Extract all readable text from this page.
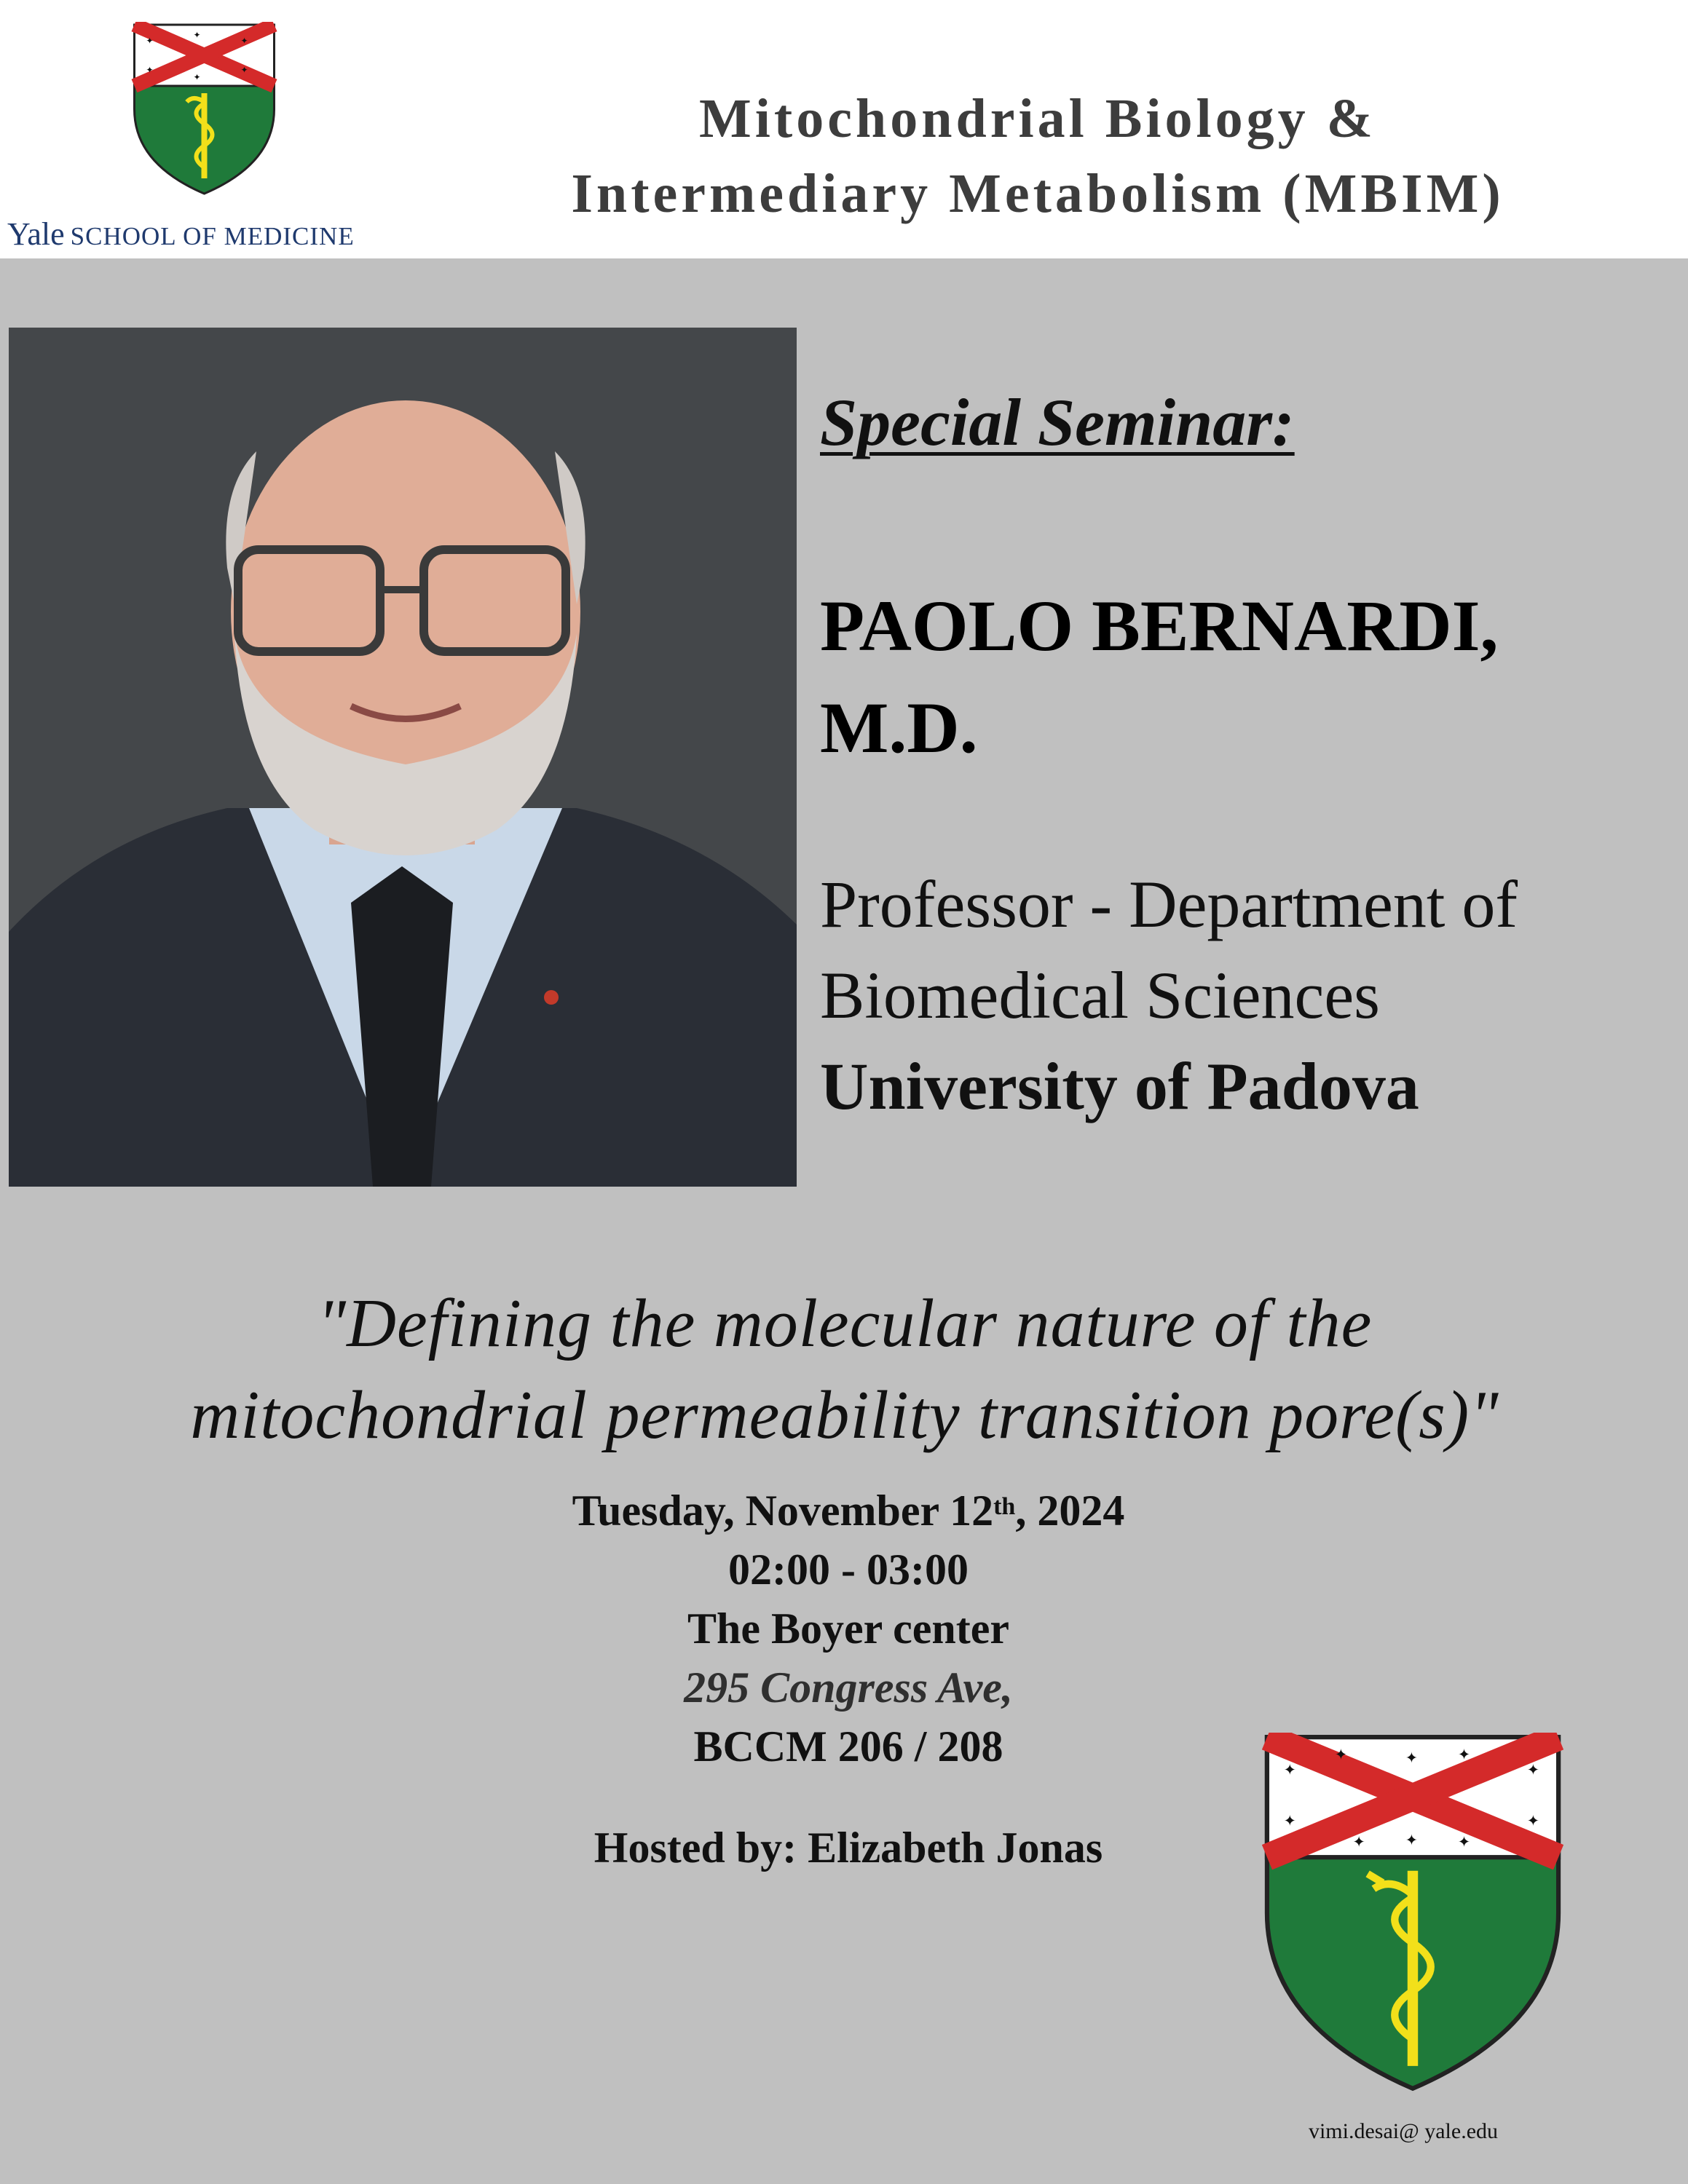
✦
✦
✦
✦
✦
✦
Yale SCHOOL OF MEDICINE
Mitochondrial Biology &
Intermediary Metabolism (MBIM)
Special Seminar:
PAOLO BERNARDI,
M.D.
Professor - Department of
Biomedical Sciences
University of Padova
"Defining the molecular nature of the
mitochondrial permeability transition pore(s)"
Tuesday, November 12th, 2024
02:00 - 03:00
The Boyer center
295 Congress Ave,
BCCM 206 / 208
Hosted by: Elizabeth Jonas
✦
✦
✦
✦
✦
✦
✦
✦
✦
✦
vimi.desai@ yale.edu
